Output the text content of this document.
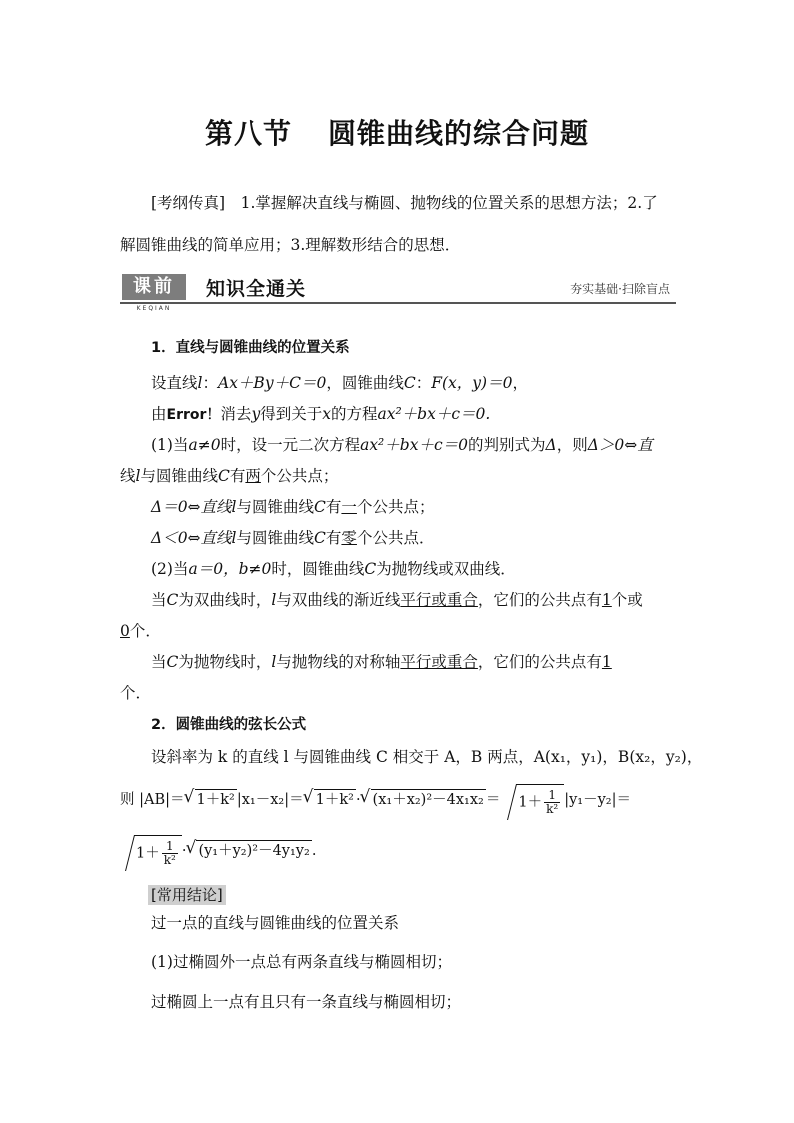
第八节 圆锥曲线的综合问题
[考纲传真]　 1.掌握解决直线与椭圆、抛物线的位置关系的思想方法；2.了
解圆锥曲线的简单应用；3.理解数形结合的思想．
课前
KEQIAN
知识全通关	夯实基础·扫除盲点
1．直线与圆锥曲线的位置关系
设直线l：Ax＋By＋C＝0，圆锥曲线C：F(x，y)＝0，
由Error！消去y得到关于x的方程ax²＋bx＋c＝0.
(1)当a≠0时，设一元二次方程ax²＋bx＋c＝0的判别式为Δ，则Δ＞0⇔直
线l与圆锥曲线C有两个公共点；
Δ＝0⇔直线l与圆锥曲线C有一个公共点；
Δ＜0⇔直线l与圆锥曲线C有零个公共点．
(2)当a＝0，b≠0时，圆锥曲线C为抛物线或双曲线．
当C为双曲线时，l与双曲线的渐近线平行或重合，它们的公共点有1个或
0个．
当C为抛物线时，l与抛物线的对称轴平行或重合，它们的公共点有1
个．
2．圆锥曲线的弦长公式
设斜率为 k 的直线 l 与圆锥曲线 C 相交于 A，B 两点，A(x₁，y₁)，B(x₂，y₂)，
则 |AB|＝ √ 1＋k² |x₁－x₂|＝ √ 1＋k² · √ $(x_1+x_2)^2-4x_1x_2 = 1+ \frac{1}{\text{k²}} |y_1-y_2|=$
$1+ \frac{1}{\text{k²}}$ · √ (y₁＋y₂)²－4y₁y₂ .
[常用结论]
过一点的直线与圆锥曲线的位置关系
(1)过椭圆外一点总有两条直线与椭圆相切；
过椭圆上一点有且只有一条直线与椭圆相切；
